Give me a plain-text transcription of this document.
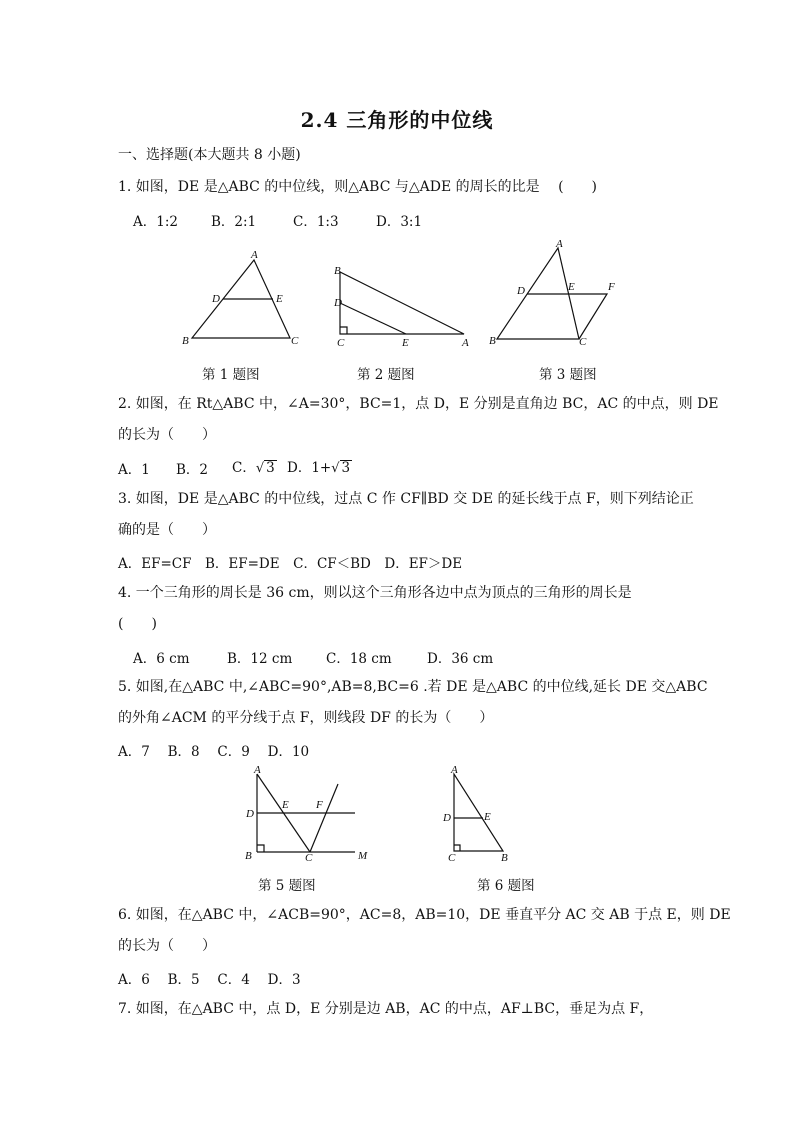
2.4 三角形的中位线
一、选择题(本大题共 8 小题)
1. 如图，DE 是△ABC 的中位线，则△ABC 与△ADE 的周长的比是　 (　　)
A．1:2 B．2:1	C．1:3	D．3:1
A
B	C
D	E
第 1 题图
B
D
C	E	A
第 2 题图
A
D	E	F
B	C
第 3 题图
2. 如图，在 Rt△ABC 中，∠A=30°，BC=1，点 D，E 分别是直角边 BC，AC 的中点，则 DE
的长为（　　）
A．1 B．2 C．√ 3 D．1+√ 3
3. 如图，DE 是△ABC 的中位线，过点 C 作 CF∥BD 交 DE 的延长线于点 F，则下列结论正
确的是（　　）
A．EF=CF　B．EF=DE　C．CF＜BD　D．EF＞DE
4. 一个三角形的周长是 36 cm，则以这个三角形各边中点为顶点的三角形的周长是
(　　)
A．6 cm	B．12 cm C．18 cm	D．36 cm
5. 如图,在△ABC 中,∠ABC=90°,AB=8,BC=6 .若 DE 是△ABC 的中位线,延长 DE 交△ABC
的外角∠ACM 的平分线于点 F，则线段 DF 的长为（　　）
A．7　 B．8　 C．9　 D．10
A
D
E F
B	C	M
第 5 题图
A
D	E
C	B
第 6 题图
6. 如图，在△ABC 中，∠ACB=90°，AC=8，AB=10，DE 垂直平分 AC 交 AB 于点 E，则 DE
的长为（　　）
A．6　 B．5　 C．4　 D．3
7. 如图，在△ABC 中，点 D，E 分别是边 AB，AC 的中点，AF⊥BC，垂足为点 F，
